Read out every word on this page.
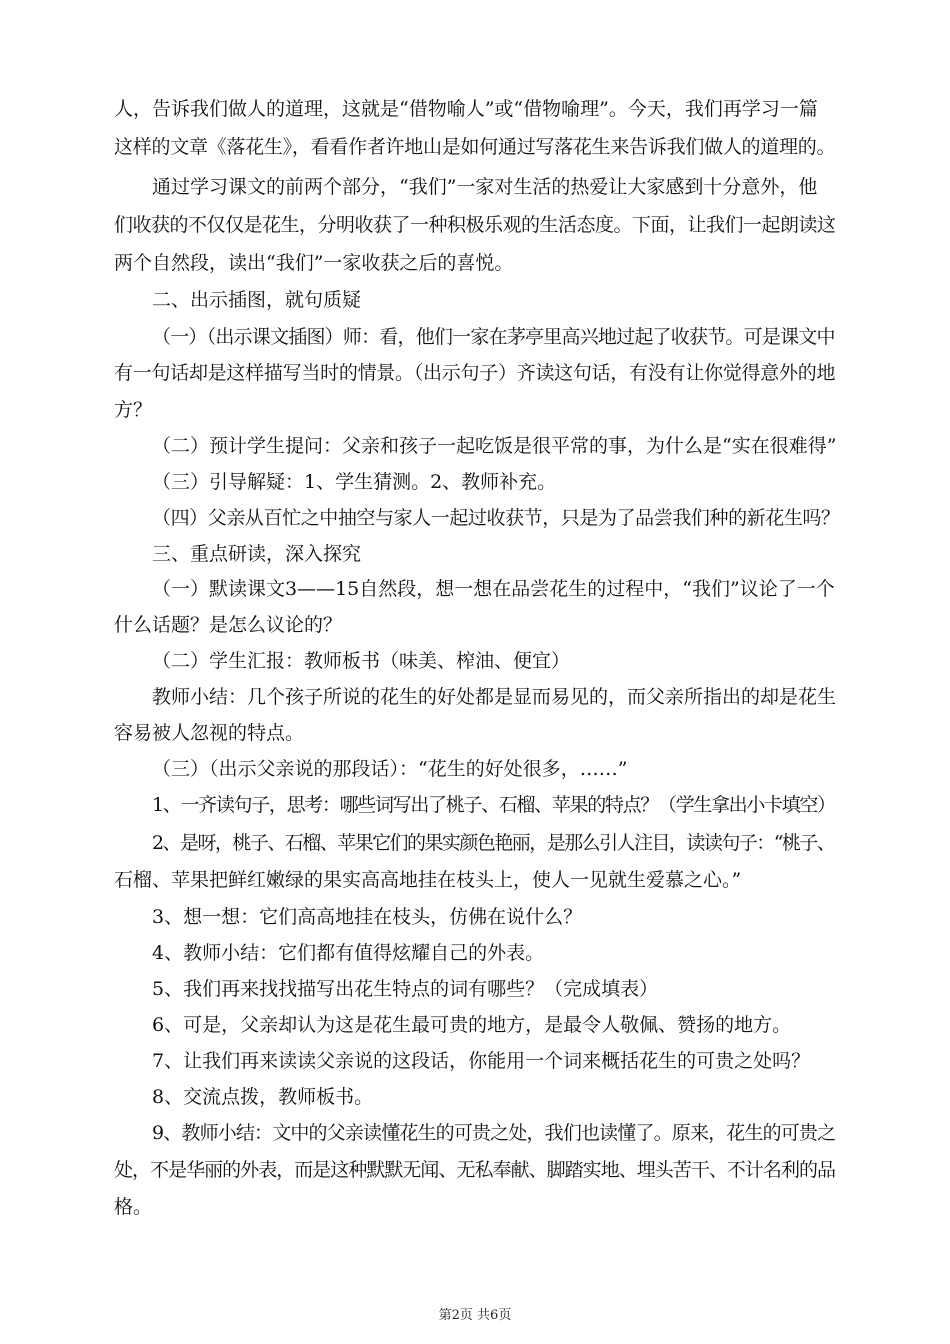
人，告诉我们做人的道理，这就是“借物喻人”或“借物喻理”。今天，我们再学习一篇
这样的文章《落花生》，看看作者许地山是如何通过写落花生来告诉我们做人的道理的。
通过学习课文的前两个部分，“我们”一家对生活的热爱让大家感到十分意外，他
们收获的不仅仅是花生，分明收获了一种积极乐观的生活态度。下面，让我们一起朗读这
两个自然段，读出“我们”一家收获之后的喜悦。
二、出示插图，就句质疑
（一）（出示课文插图）师：看，他们一家在茅亭里高兴地过起了收获节。可是课文中
有一句话却是这样描写当时的情景。（出示句子）齐读这句话，有没有让你觉得意外的地
方？
（二）预计学生提问：父亲和孩子一起吃饭是很平常的事，为什么是“实在很难得”
（三）引导解疑：1、学生猜测。2、教师补充。
（四）父亲从百忙之中抽空与家人一起过收获节，只是为了品尝我们种的新花生吗？
三、重点研读，深入探究
（一）默读课文3——15自然段，想一想在品尝花生的过程中，“我们”议论了一个
什么话题？是怎么议论的？
（二）学生汇报：教师板书（味美、榨油、便宜）
教师小结：几个孩子所说的花生的好处都是显而易见的，而父亲所指出的却是花生
容易被人忽视的特点。
（三）（出示父亲说的那段话）：“花生的好处很多，……”
1、一齐读句子，思考：哪些词写出了桃子、石榴、苹果的特点？（学生拿出小卡填空）
2、是呀，桃子、石榴、苹果它们的果实颜色艳丽，是那么引人注目，读读句子：“桃子、
石榴、苹果把鲜红嫩绿的果实高高地挂在枝头上，使人一见就生爱慕之心。”
3、想一想：它们高高地挂在枝头，仿佛在说什么？
4、教师小结：它们都有值得炫耀自己的外表。
5、我们再来找找描写出花生特点的词有哪些？（完成填表）
6、可是，父亲却认为这是花生最可贵的地方，是最令人敬佩、赞扬的地方。
7、让我们再来读读父亲说的这段话，你能用一个词来概括花生的可贵之处吗？
8、交流点拨，教师板书。
9、教师小结：文中的父亲读懂花生的可贵之处，我们也读懂了。原来，花生的可贵之
处，不是华丽的外表，而是这种默默无闻、无私奉献、脚踏实地、埋头苦干、不计名利的品
格。
第2页 共6页
